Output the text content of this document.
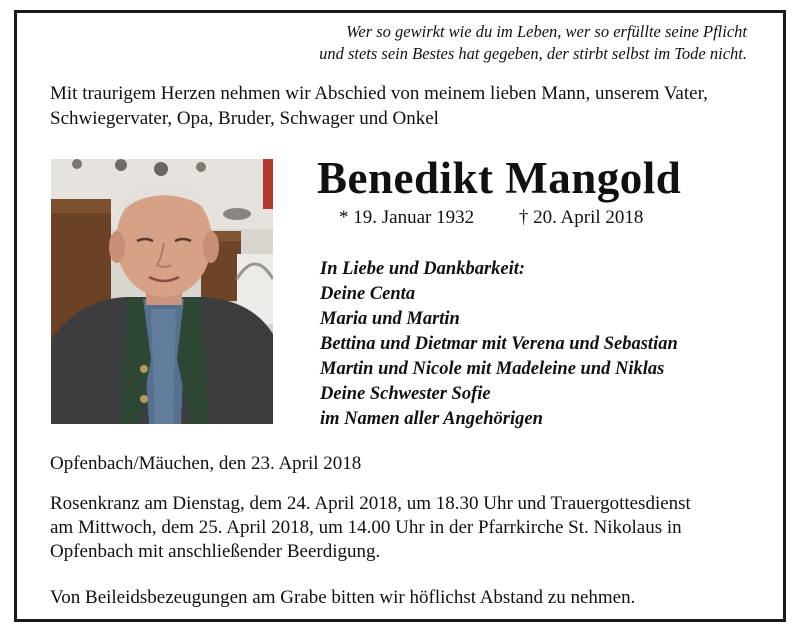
Wer so gewirkt wie du im Leben, wer so erfüllte seine Pflicht
und stets sein Bestes hat gegeben, der stirbt selbst im Tode nicht.
Mit traurigem Herzen nehmen wir Abschied von meinem lieben Mann, unserem Vater, Schwiegervater, Opa, Bruder, Schwager und Onkel
Benedikt Mangold
* 19. Januar 1932 † 20. April 2018
In Liebe und Dankbarkeit:
Deine Centa
Maria und Martin
Bettina und Dietmar mit Verena und Sebastian
Martin und Nicole mit Madeleine und Niklas
Deine Schwester Sofie
im Namen aller Angehörigen
Opfenbach/Mäuchen, den 23. April 2018
Rosenkranz am Dienstag, dem 24. April 2018, um 18.30 Uhr und Trauergottesdienst
am Mittwoch, dem 25. April 2018, um 14.00 Uhr in der Pfarrkirche St. Nikolaus in
Opfenbach mit anschließender Beerdigung.
Von Beileidsbezeugungen am Grabe bitten wir höflichst Abstand zu nehmen.
